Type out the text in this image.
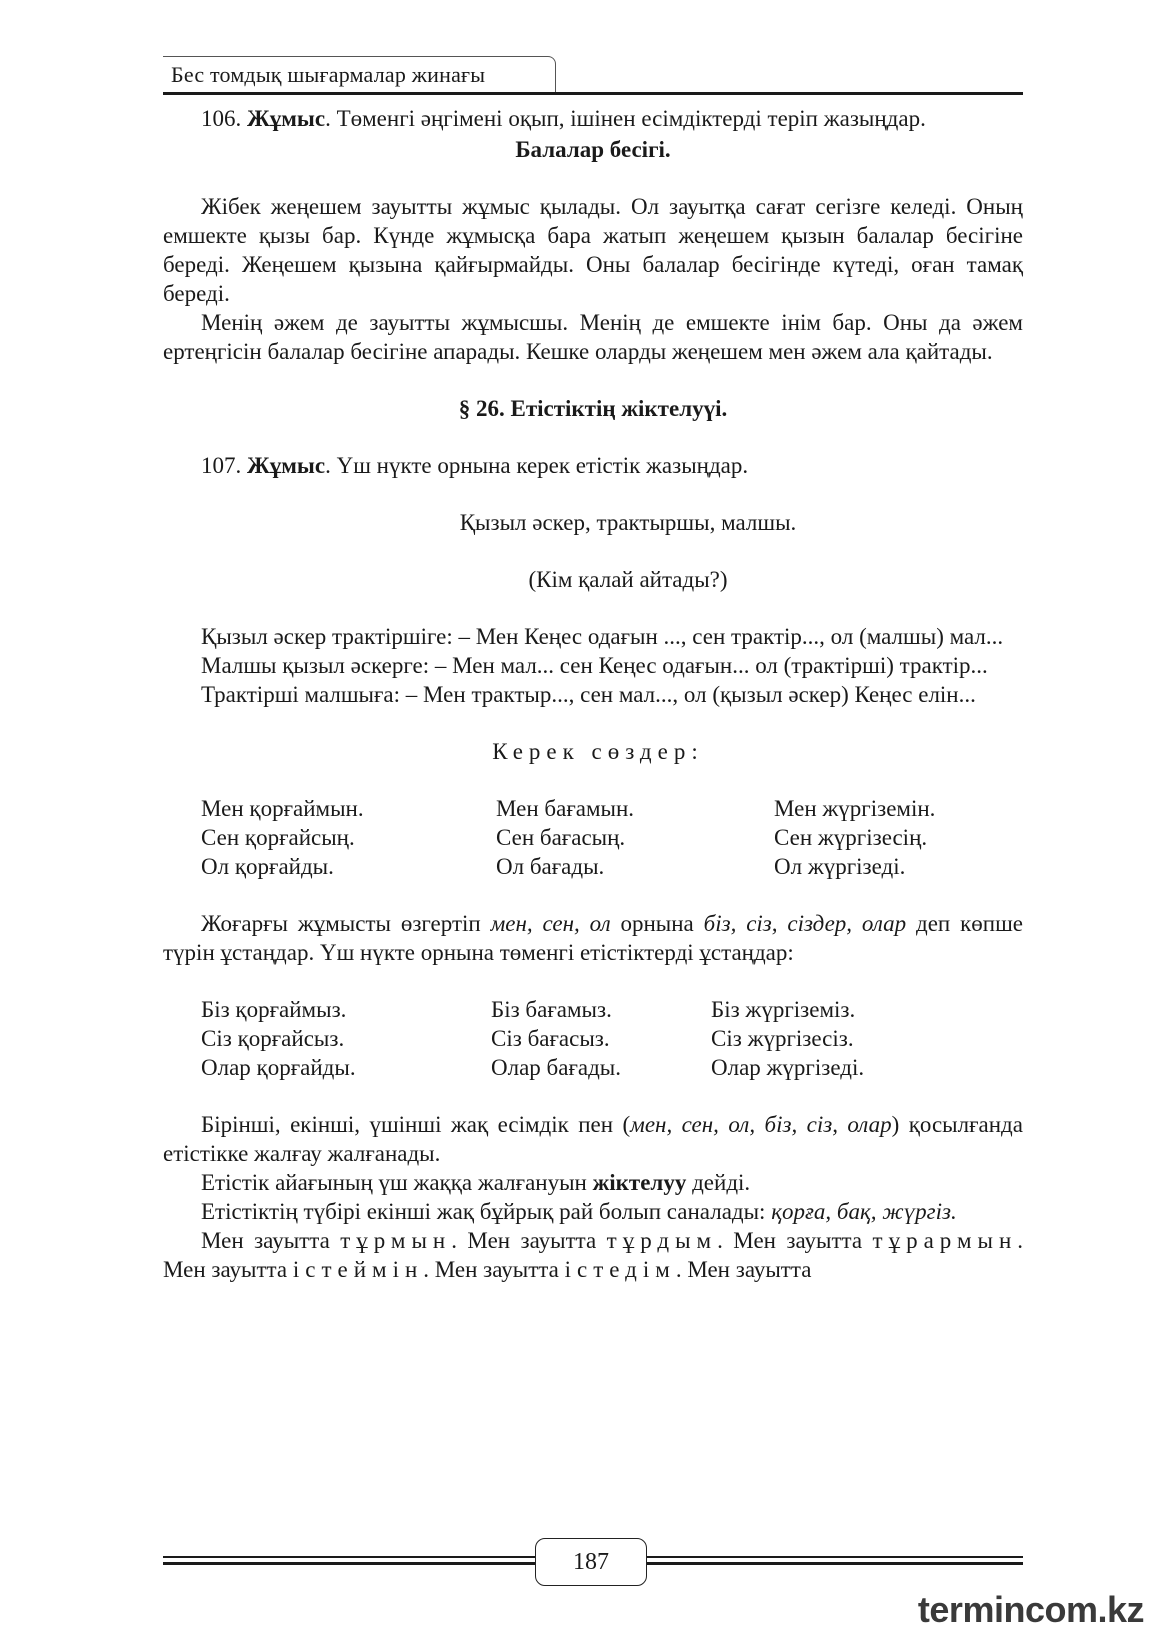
Бес томдық шығармалар жинағы

106. Жұмыс. Төменгі әңгімені оқып, ішінен есімдіктерді теріп жазыңдар.

Балалар бесігі.

Жібек жеңешем зауытты жұмыс қылады. Ол зауытқа сағат сегізге келеді. Оның емшекте қызы бар. Күнде жұмысқа бара жатып жеңешем қызын балалар бесігіне береді. Жеңешем қызына қайғырмайды. Оны балалар бесігінде күтеді, оған тамақ береді.

Менің әжем де зауытты жұмысшы. Менің де емшекте інім бар. Оны да әжем ертеңгісін балалар бесігіне апарады. Кешке оларды жеңешем мен әжем ала қайтады.

§ 26. Етістіктің жіктелуүі.

107. Жұмыс. Үш нүкте орнына керек етістік жазыңдар.

Қызыл әскер, трактыршы, малшы.

(Кім қалай айтады?)

Қызыл әскер трактіршіге: – Мен Кеңес одағын ..., сен трактір..., ол (малшы) мал...

Малшы қызыл әскерге: – Мен мал... сен Кеңес одағын... ол (трактірші) трактір...

Трактірші малшыға: – Мен трактыр..., сен мал..., ол (қызыл әскер) Кеңес елін...

Керек сөздер:

Мен қорғаймын.	Мен бағамын.	Мен жүргіземін.
Сен қорғайсың.	Сен бағасың.	Сен жүргізесің.
Ол қорғайды.	Ол бағады.	Ол жүргізеді.

Жоғарғы жұмысты өзгертіп мен, сен, ол орнына біз, сіз, сіздер, олар деп көпше түрін ұстаңдар. Үш нүкте орнына төменгі етістіктерді ұстаңдар:

Біз қорғаймыз.	Біз бағамыз.	Біз жүргіземіз.
Сіз қорғайсыз.	Сіз бағасыз.	Сіз жүргізесіз.
Олар қорғайды.	Олар бағады.	Олар жүргізеді.

Бірінші, екінші, үшінші жақ есімдік пен (мен, сен, ол, біз, сіз, олар) қосылғанда етістікке жалғау жалғанады.

Етістік айағының үш жаққа жалғануын жіктелуу дейді.

Етістіктің түбірі екінші жақ бұйрық рай болып саналады: қорға, бақ, жүргіз.

Мен зауытта тұрмын. Мен зауытта тұрдым. Мен зауытта тұрармын. Мен зауытта істеймін. Мен зауытта істедім. Мен зауытта

187
termincom.kz
